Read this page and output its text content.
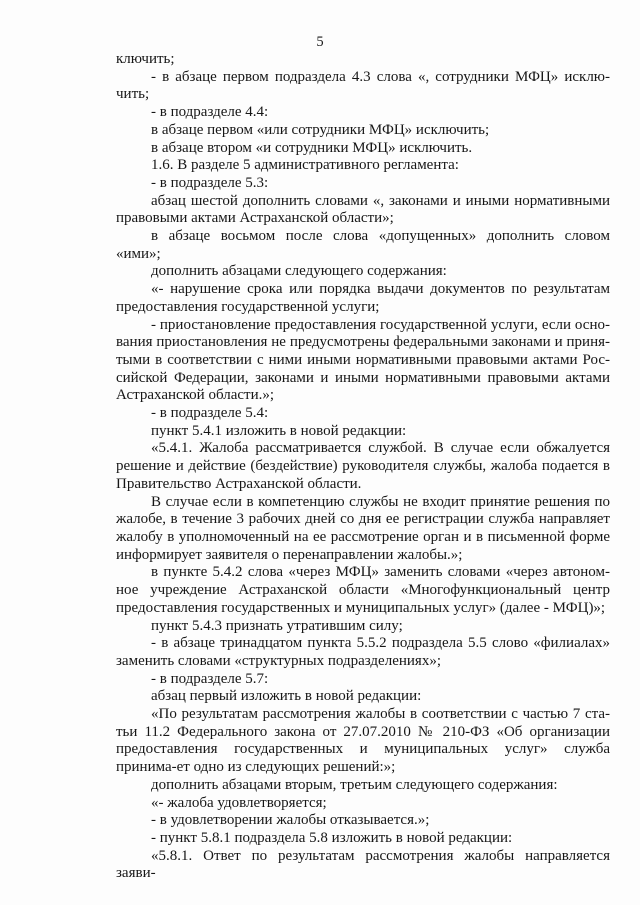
5

ключить;

- в абзаце первом подраздела 4.3 слова «, сотрудники МФЦ» исклю-чить;

- в подразделе 4.4:

в абзаце первом «или сотрудники МФЦ» исключить;

в абзаце втором «и сотрудники МФЦ» исключить.

1.6. В разделе 5 административного регламента:

- в подразделе 5.3:

абзац шестой дополнить словами «, законами и иными нормативными правовыми актами Астраханской области»;

в абзаце восьмом после слова «допущенных» дополнить словом «ими»;

дополнить абзацами следующего содержания:

«- нарушение срока или порядка выдачи документов по результатам предоставления государственной услуги;

- приостановление предоставления государственной услуги, если осно-вания приостановления не предусмотрены федеральными законами и приня-тыми в соответствии с ними иными нормативными правовыми актами Рос-сийской Федерации, законами и иными нормативными правовыми актами Астраханской области.»;

- в подразделе 5.4:

пункт 5.4.1 изложить в новой редакции:

«5.4.1. Жалоба рассматривается службой. В случае если обжалуется решение и действие (бездействие) руководителя службы, жалоба подается в Правительство Астраханской области.

В случае если в компетенцию службы не входит принятие решения по жалобе, в течение 3 рабочих дней со дня ее регистрации служба направляет жалобу в уполномоченный на ее рассмотрение орган и в письменной форме информирует заявителя о перенаправлении жалобы.»;

в пункте 5.4.2 слова «через МФЦ» заменить словами «через автоном-ное учреждение Астраханской области «Многофункциональный центр предоставления государственных и муниципальных услуг» (далее - МФЦ)»;

пункт 5.4.3 признать утратившим силу;

- в абзаце тринадцатом пункта 5.5.2 подраздела 5.5 слово «филиалах» заменить словами «структурных подразделениях»;

- в подразделе 5.7:

абзац первый изложить в новой редакции:

«По результатам рассмотрения жалобы в соответствии с частью 7 ста-тьи 11.2 Федерального закона от 27.07.2010 № 210-ФЗ «Об организации предоставления государственных и муниципальных услуг» служба принима-ет одно из следующих решений:»;

дополнить абзацами вторым, третьим следующего содержания:

«- жалоба удовлетворяется;

- в удовлетворении жалобы отказывается.»;

- пункт 5.8.1 подраздела 5.8 изложить в новой редакции:

«5.8.1. Ответ по результатам рассмотрения жалобы направляется заяви-
